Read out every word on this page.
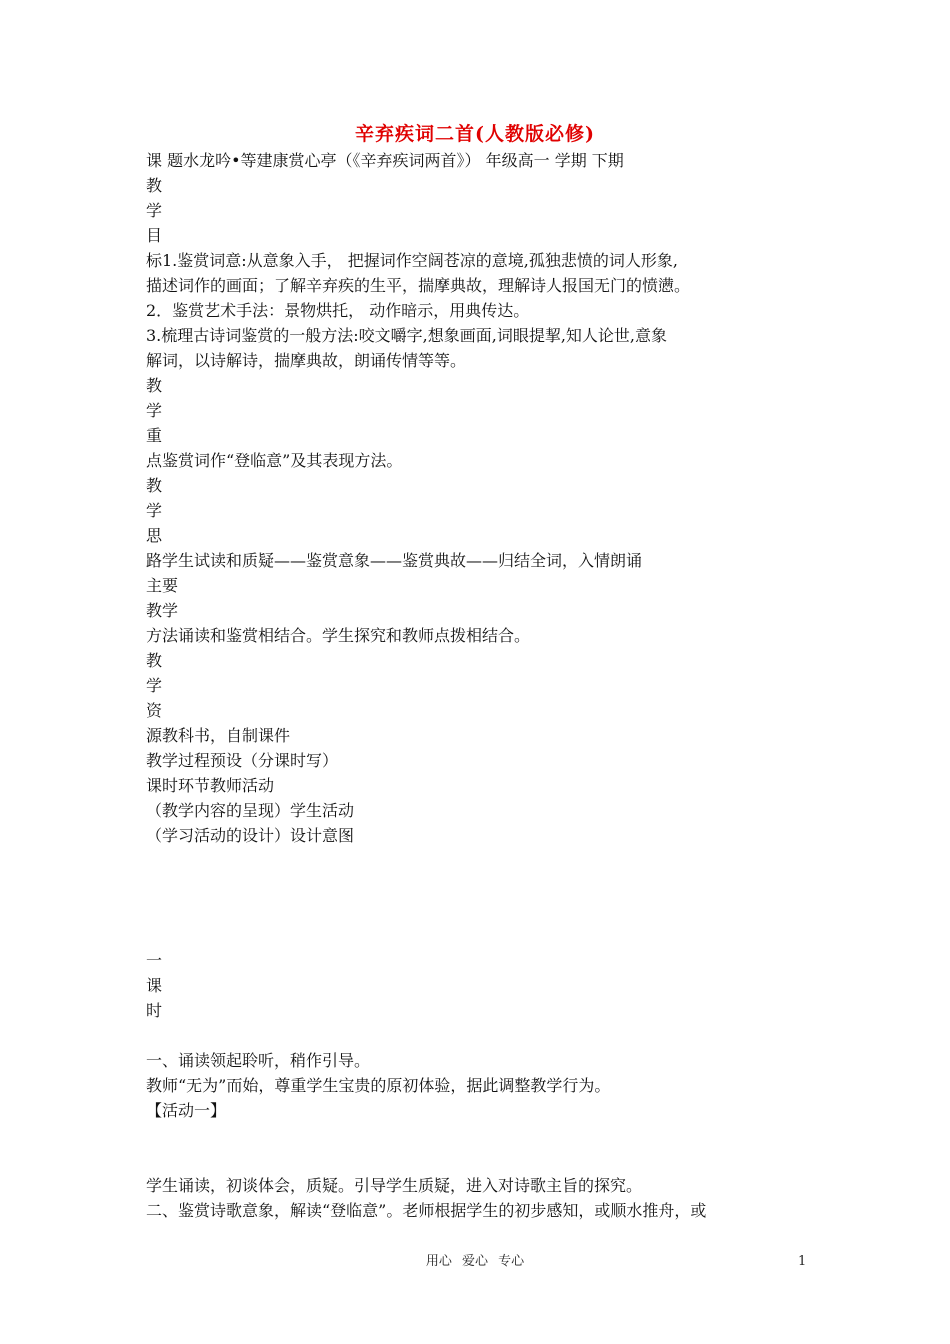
辛弃疾词二首(人教版必修)
课 题水龙吟•等建康赏心亭（《辛弃疾词两首》） 年级高一 学期 下期
教
学
目
标1.鉴赏词意:从意象入手， 把握词作空阔苍凉的意境,孤独悲愤的词人形象,
描述词作的画面；了解辛弃疾的生平，揣摩典故，理解诗人报国无门的愤懑。
2．鉴赏艺术手法：景物烘托， 动作暗示，用典传达。
3.梳理古诗词鉴赏的一般方法:咬文嚼字,想象画面,词眼提挈,知人论世,意象
解词，以诗解诗，揣摩典故，朗诵传情等等。
教
学
重
点鉴赏词作“登临意”及其表现方法。
教
学
思
路学生试读和质疑——鉴赏意象——鉴赏典故——归结全词，入情朗诵
主要
教学
方法诵读和鉴赏相结合。学生探究和教师点拨相结合。
教
学
资
源教科书，自制课件
教学过程预设（分课时写）
课时环节教师活动
（教学内容的呈现）学生活动
（学习活动的设计）设计意图
一
课
时
一、诵读领起聆听，稍作引导。
教师“无为”而始，尊重学生宝贵的原初体验，据此调整教学行为。
【活动一】
学生诵读，初谈体会，质疑。引导学生质疑，进入对诗歌主旨的探究。
二、鉴赏诗歌意象，解读“登临意”。老师根据学生的初步感知，或顺水推舟，或
用心 爱心 专心	1
